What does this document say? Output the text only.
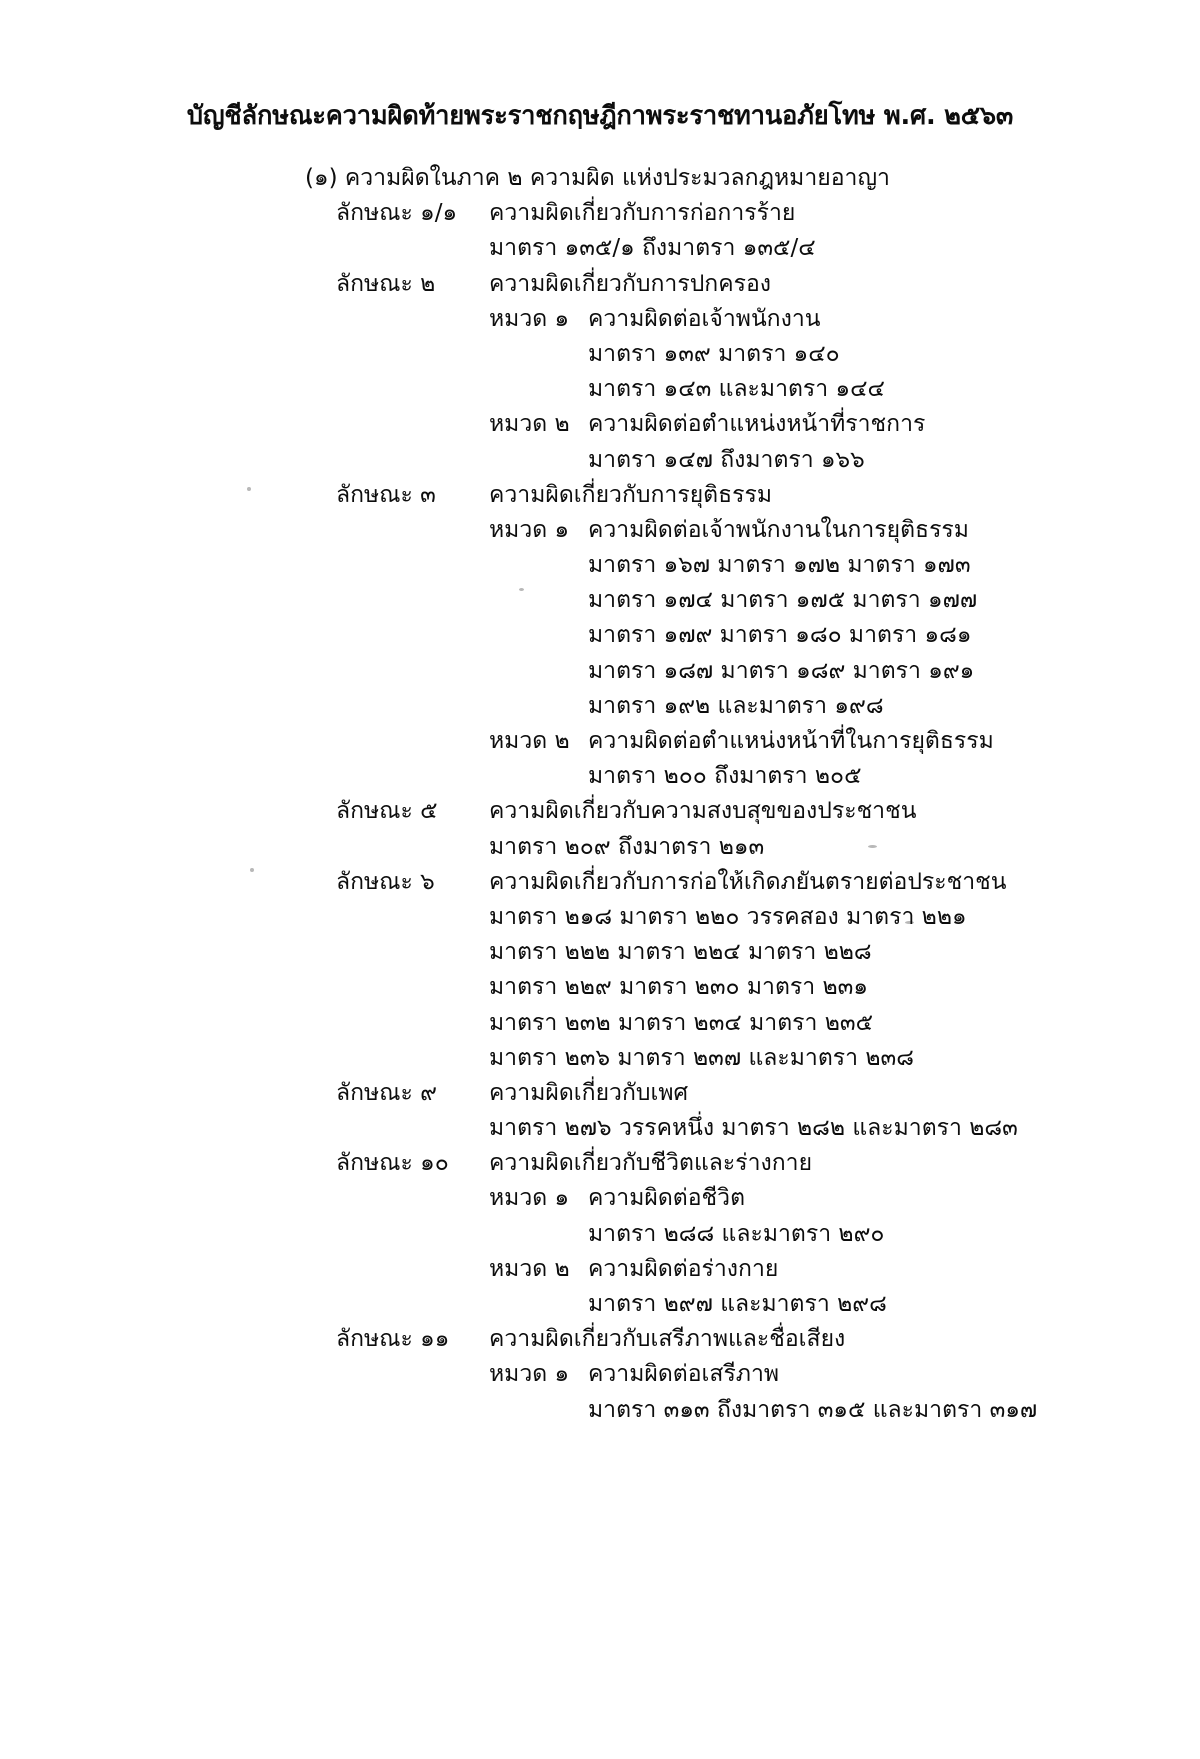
บัญชีลักษณะความผิดท้ายพระราชกฤษฎีกาพระราชทานอภัยโทษ พ.ศ. ๒๕๖๓
(๑) ความผิดในภาค ๒ ความผิด แห่งประมวลกฎหมายอาญา
ลักษณะ ๑/๑	ความผิดเกี่ยวกับการก่อการร้าย
มาตรา ๑๓๕/๑ ถึงมาตรา ๑๓๕/๔
ลักษณะ ๒	ความผิดเกี่ยวกับการปกครอง
หมวด ๑ ความผิดต่อเจ้าพนักงาน
มาตรา ๑๓๙ มาตรา ๑๔๐
มาตรา ๑๔๓ และมาตรา ๑๔๔
หมวด ๒ ความผิดต่อตำแหน่งหน้าที่ราชการ
มาตรา ๑๔๗ ถึงมาตรา ๑๖๖
ลักษณะ ๓	ความผิดเกี่ยวกับการยุติธรรม
หมวด ๑ ความผิดต่อเจ้าพนักงานในการยุติธรรม
มาตรา ๑๖๗ มาตรา ๑๗๒ มาตรา ๑๗๓
มาตรา ๑๗๔ มาตรา ๑๗๕ มาตรา ๑๗๗
มาตรา ๑๗๙ มาตรา ๑๘๐ มาตรา ๑๘๑
มาตรา ๑๘๗ มาตรา ๑๘๙ มาตรา ๑๙๑
มาตรา ๑๙๒ และมาตรา ๑๙๘
หมวด ๒ ความผิดต่อตำแหน่งหน้าที่ในการยุติธรรม
มาตรา ๒๐๐ ถึงมาตรา ๒๐๕
ลักษณะ ๕	ความผิดเกี่ยวกับความสงบสุขของประชาชน
มาตรา ๒๐๙ ถึงมาตรา ๒๑๓
ลักษณะ ๖	ความผิดเกี่ยวกับการก่อให้เกิดภยันตรายต่อประชาชน
มาตรา ๒๑๘ มาตรา ๒๒๐ วรรคสอง มาตรา ๒๒๑
มาตรา ๒๒๒ มาตรา ๒๒๔ มาตรา ๒๒๘
มาตรา ๒๒๙ มาตรา ๒๓๐ มาตรา ๒๓๑
มาตรา ๒๓๒ มาตรา ๒๓๔ มาตรา ๒๓๕
มาตรา ๒๓๖ มาตรา ๒๓๗ และมาตรา ๒๓๘
ลักษณะ ๙	ความผิดเกี่ยวกับเพศ
มาตรา ๒๗๖ วรรคหนึ่ง มาตรา ๒๘๒ และมาตรา ๒๘๓
ลักษณะ ๑๐	ความผิดเกี่ยวกับชีวิตและร่างกาย
หมวด ๑ ความผิดต่อชีวิต
มาตรา ๒๘๘ และมาตรา ๒๙๐
หมวด ๒ ความผิดต่อร่างกาย
มาตรา ๒๙๗ และมาตรา ๒๙๘
ลักษณะ ๑๑	ความผิดเกี่ยวกับเสรีภาพและชื่อเสียง
หมวด ๑ ความผิดต่อเสรีภาพ
มาตรา ๓๑๓ ถึงมาตรา ๓๑๕ และมาตรา ๓๑๗
